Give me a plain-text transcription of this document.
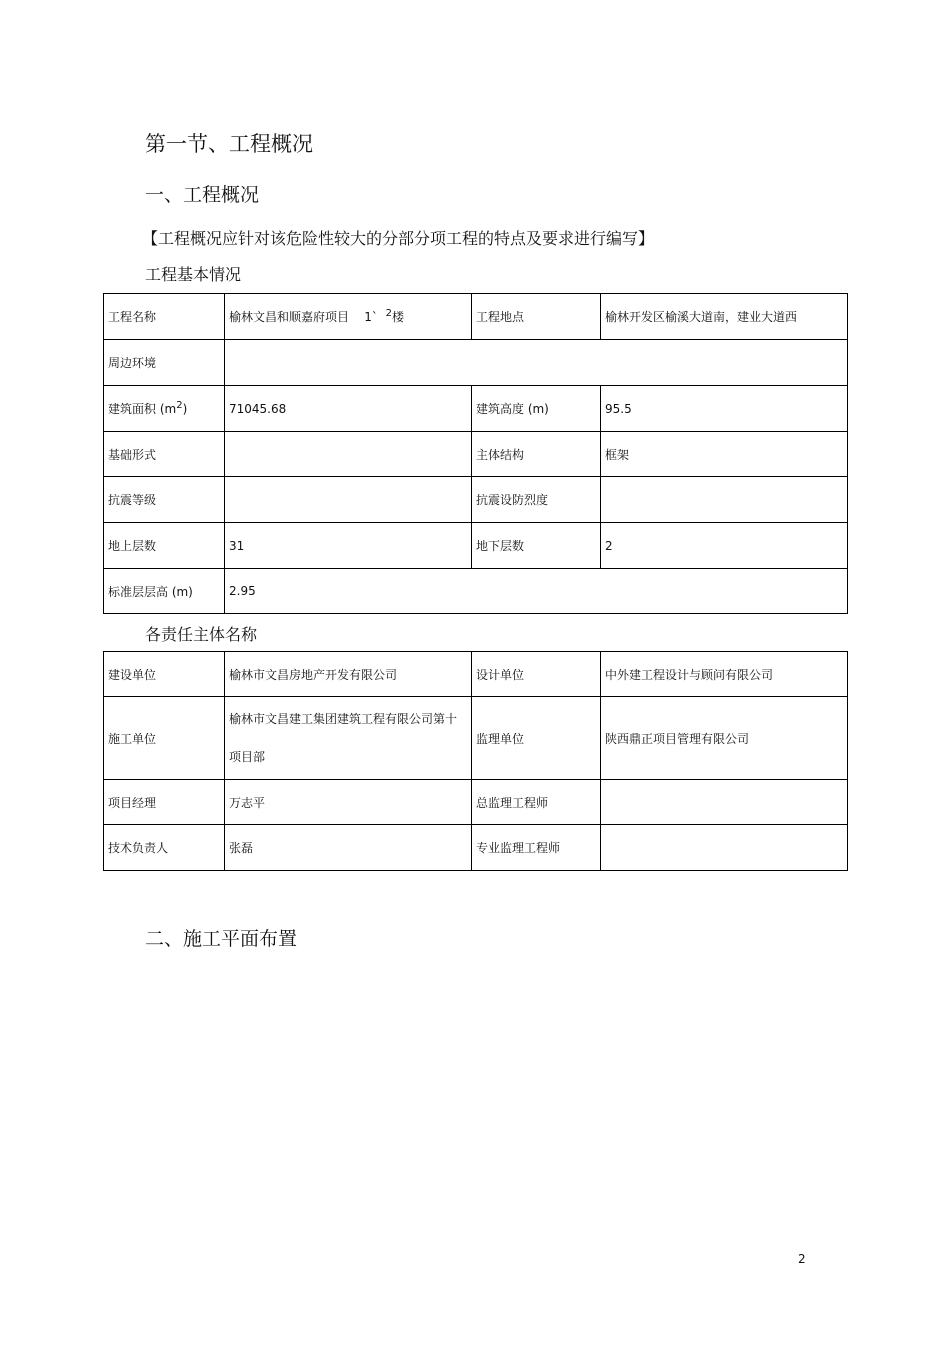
第一节、工程概况
一、工程概况

【工程概况应针对该危险性较大的分部分项工程的特点及要求进行编写】

工程基本情况

工程名称	榆林文昌和顺嘉府项目 1` $^2$楼	工程地点	榆林开发区榆溪大道南，建业大道西
周边环境			
建筑面积 $(m^2)$	71045.68	建筑高度 (m)	95.5
基础形式		主体结构	框架
抗震等级		抗震设防烈度	
地上层数	31	地下层数	2
标准层层高 (m)	2.95		

各责任主体名称

建设单位	榆林市文昌房地产开发有限公司	设计单位	中外建工程设计与顾问有限公司
施工单位	榆林市文昌建工集团建筑工程有限公司第十项目部	监理单位	陕西鼎正项目管理有限公司
项目经理	万志平	总监理工程师	
技术负责人	张磊	专业监理工程师	
二、施工平面布置
2
